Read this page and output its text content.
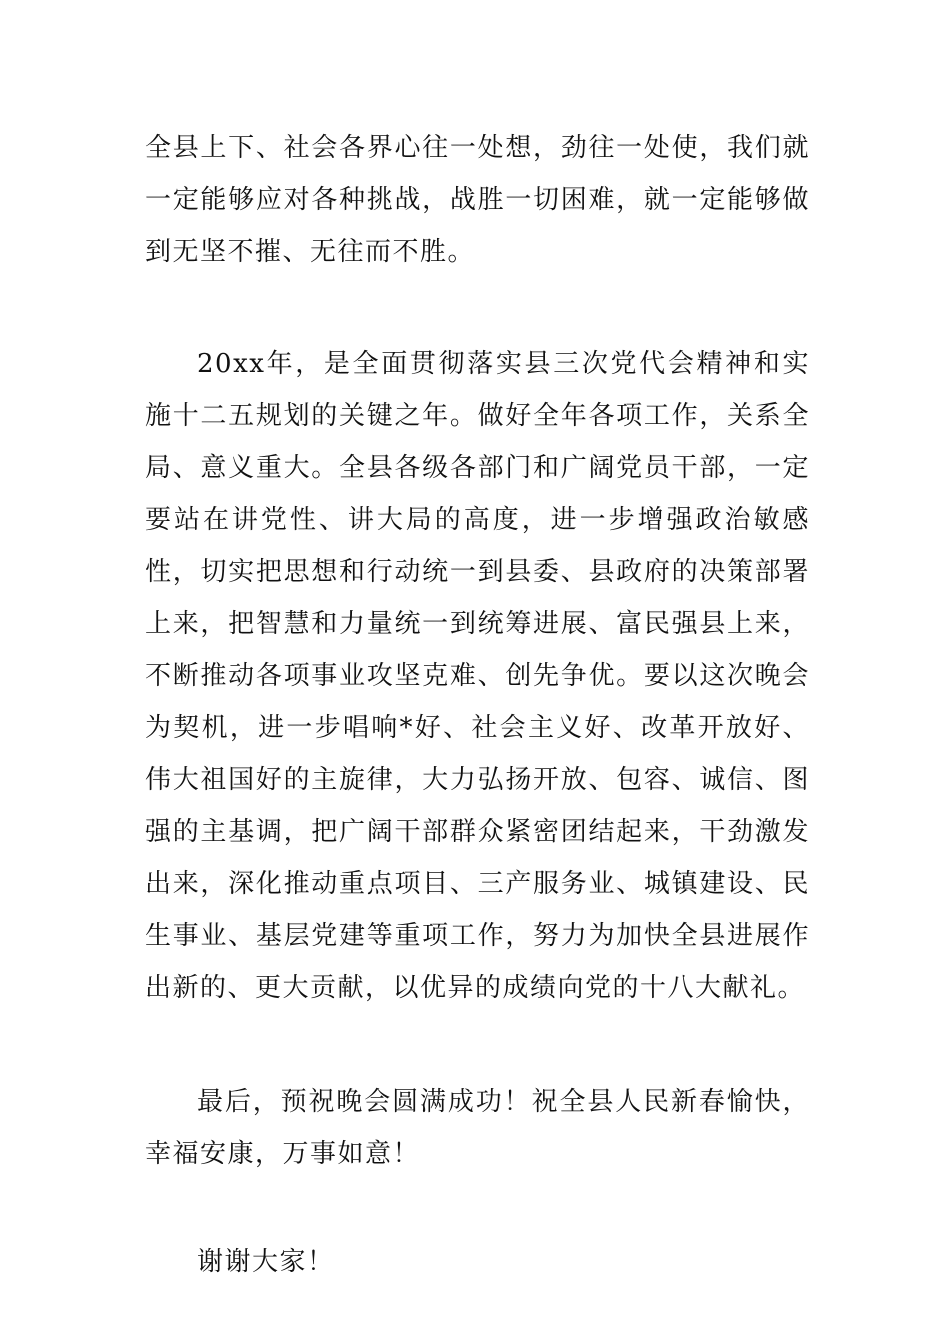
全县上下、社会各界心往一处想，劲往一处使，我们就一定能够应对各种挑战，战胜一切困难，就一定能够做到无坚不摧、无往而不胜。

20xx年，是全面贯彻落实县三次党代会精神和实施十二五规划的关键之年。做好全年各项工作，关系全局、意义重大。全县各级各部门和广阔党员干部，一定要站在讲党性、讲大局的高度，进一步增强政治敏感性，切实把思想和行动统一到县委、县政府的决策部署上来，把智慧和力量统一到统筹进展、富民强县上来，不断推动各项事业攻坚克难、创先争优。要以这次晚会为契机，进一步唱响*好、社会主义好、改革开放好、伟大祖国好的主旋律，大力弘扬开放、包容、诚信、图强的主基调，把广阔干部群众紧密团结起来，干劲激发出来，深化推动重点项目、三产服务业、城镇建设、民生事业、基层党建等重项工作，努力为加快全县进展作出新的、更大贡献，以优异的成绩向党的十八大献礼。

最后，预祝晚会圆满成功！祝全县人民新春愉快，幸福安康，万事如意！

谢谢大家！
